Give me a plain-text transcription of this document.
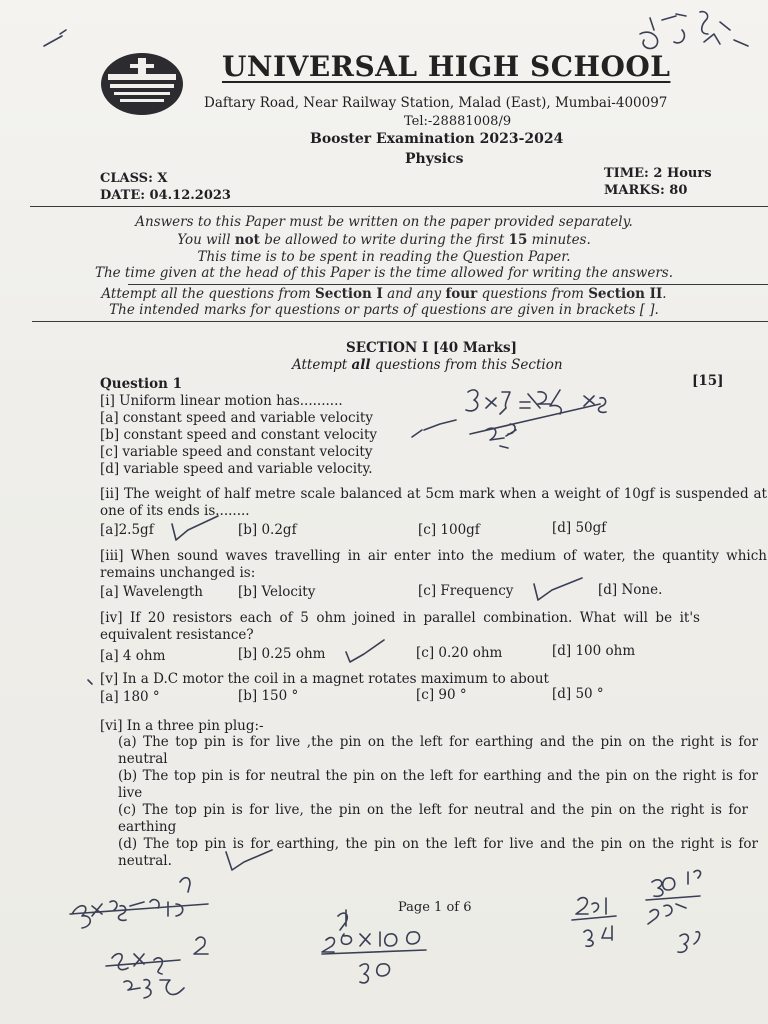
UNIVERSAL HIGH SCHOOL
Daftary Road, Near Railway Station, Malad (East), Mumbai-400097
Tel:-28881008/9
Booster Examination 2023-2024
Physics
CLASS: X
DATE: 04.12.2023
TIME: 2 Hours
MARKS: 80
Answers to this Paper must be written on the paper provided separately.
You will not be allowed to write during the first 15 minutes.
This time is to be spent in reading the Question Paper.
The time given at the head of this Paper is the time allowed for writing the answers.
Attempt all the questions from Section I and any four questions from Section II.
The intended marks for questions or parts of questions are given in brackets [ ].
SECTION I [40 Marks]
Attempt all questions from this Section
Question 1	[15]
[i] Uniform linear motion has..........
[a] constant speed and variable velocity
[b] constant speed and constant velocity
[c] variable speed and constant velocity
[d] variable speed and variable velocity.
[ii] The weight of half metre scale balanced at 5cm mark when a weight of 10gf is suspended at one of its ends is........
[a]2.5gf	[b] 0.2gf	[c] 100gf	[d] 50gf
[iii] When sound waves travelling in air enter into the medium of water, the quantity which remains unchanged is:
[a] Wavelength	[b] Velocity	[c] Frequency	[d] None.
[iv] If 20 resistors each of 5 ohm joined in parallel combination. What will be it's equivalent resistance?
[a] 4 ohm	[b] 0.25 ohm	[c] 0.20 ohm	[d] 100 ohm
[v] In a D.C motor the coil in a magnet rotates maximum to about
[a] 180 °	[b] 150 °	[c] 90 °	[d] 50 °
[vi] In a three pin plug:-
(a) The top pin is for live ,the pin on the left for earthing and the pin on the right is for neutral
(b) The top pin is for neutral the pin on the left for earthing and the pin on the right is for live
(c) The top pin is for live, the pin on the left for neutral and the pin on the right is for earthing
(d) The top pin is for earthing, the pin on the left for live and the pin on the right is for neutral.
Page 1 of 6
